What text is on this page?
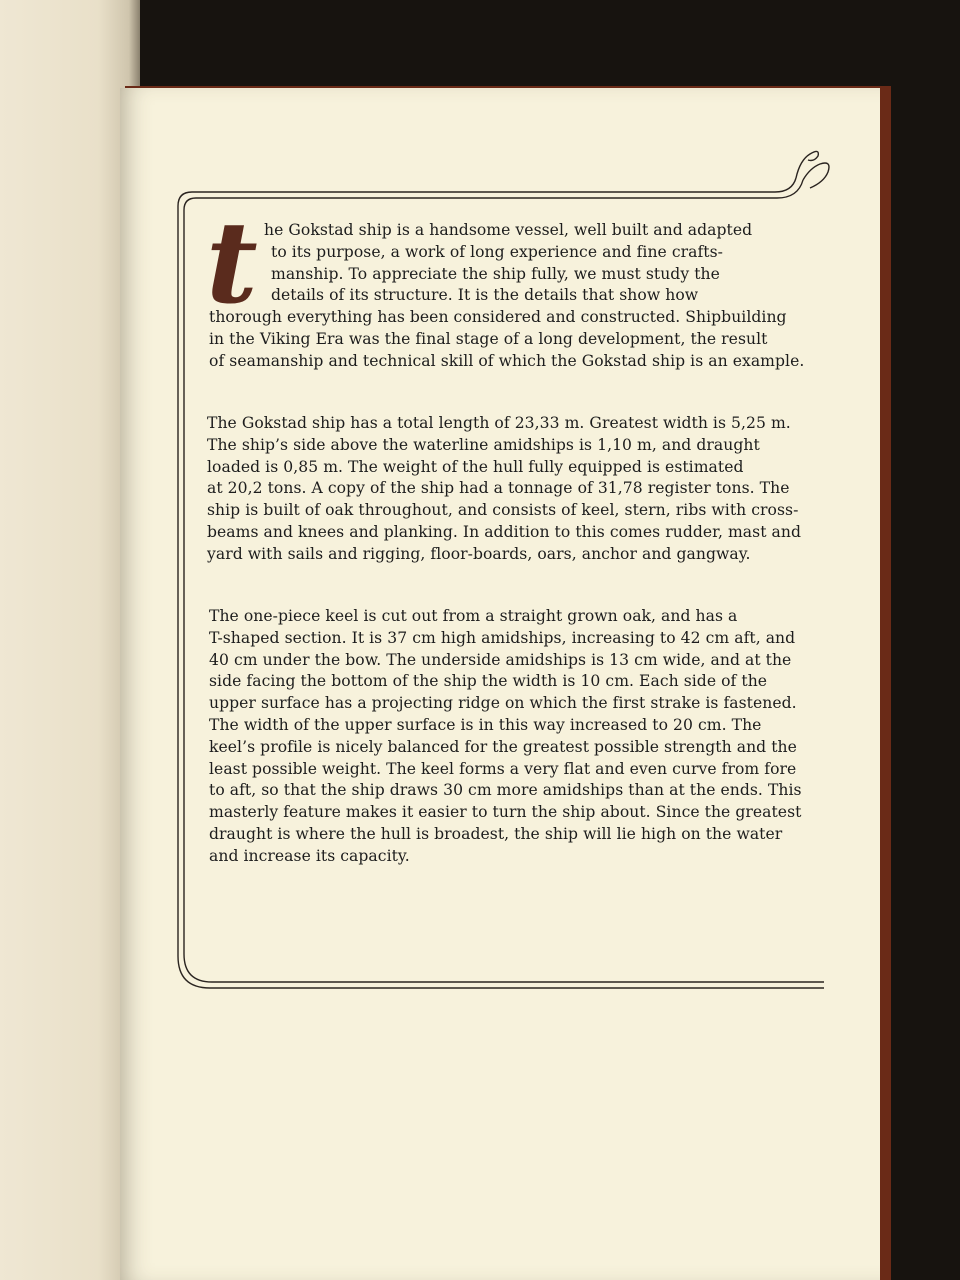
t he Gokstad ship is a handsome vessel, well built and adapted
to its purpose, a work of long experience and fine crafts-
manship. To appreciate the ship fully, we must study the
details of its structure. It is the details that show how
thorough everything has been considered and constructed. Shipbuilding
in the Viking Era was the final stage of a long development, the result
of seamanship and technical skill of which the Gokstad ship is an example.
The Gokstad ship has a total length of 23,33 m. Greatest width is 5,25 m.
The ship’s side above the waterline amidships is 1,10 m, and draught
loaded is 0,85 m. The weight of the hull fully equipped is estimated
at 20,2 tons. A copy of the ship had a tonnage of 31,78 register tons. The
ship is built of oak throughout, and consists of keel, stern, ribs with cross-
beams and knees and planking. In addition to this comes rudder, mast and
yard with sails and rigging, floor-boards, oars, anchor and gangway.
The one-piece keel is cut out from a straight grown oak, and has a
T-shaped section. It is 37 cm high amidships, increasing to 42 cm aft, and
40 cm under the bow. The underside amidships is 13 cm wide, and at the
side facing the bottom of the ship the width is 10 cm. Each side of the
upper surface has a projecting ridge on which the first strake is fastened.
The width of the upper surface is in this way increased to 20 cm. The
keel’s profile is nicely balanced for the greatest possible strength and the
least possible weight. The keel forms a very flat and even curve from fore
to aft, so that the ship draws 30 cm more amidships than at the ends. This
masterly feature makes it easier to turn the ship about. Since the greatest
draught is where the hull is broadest, the ship will lie high on the water
and increase its capacity.
